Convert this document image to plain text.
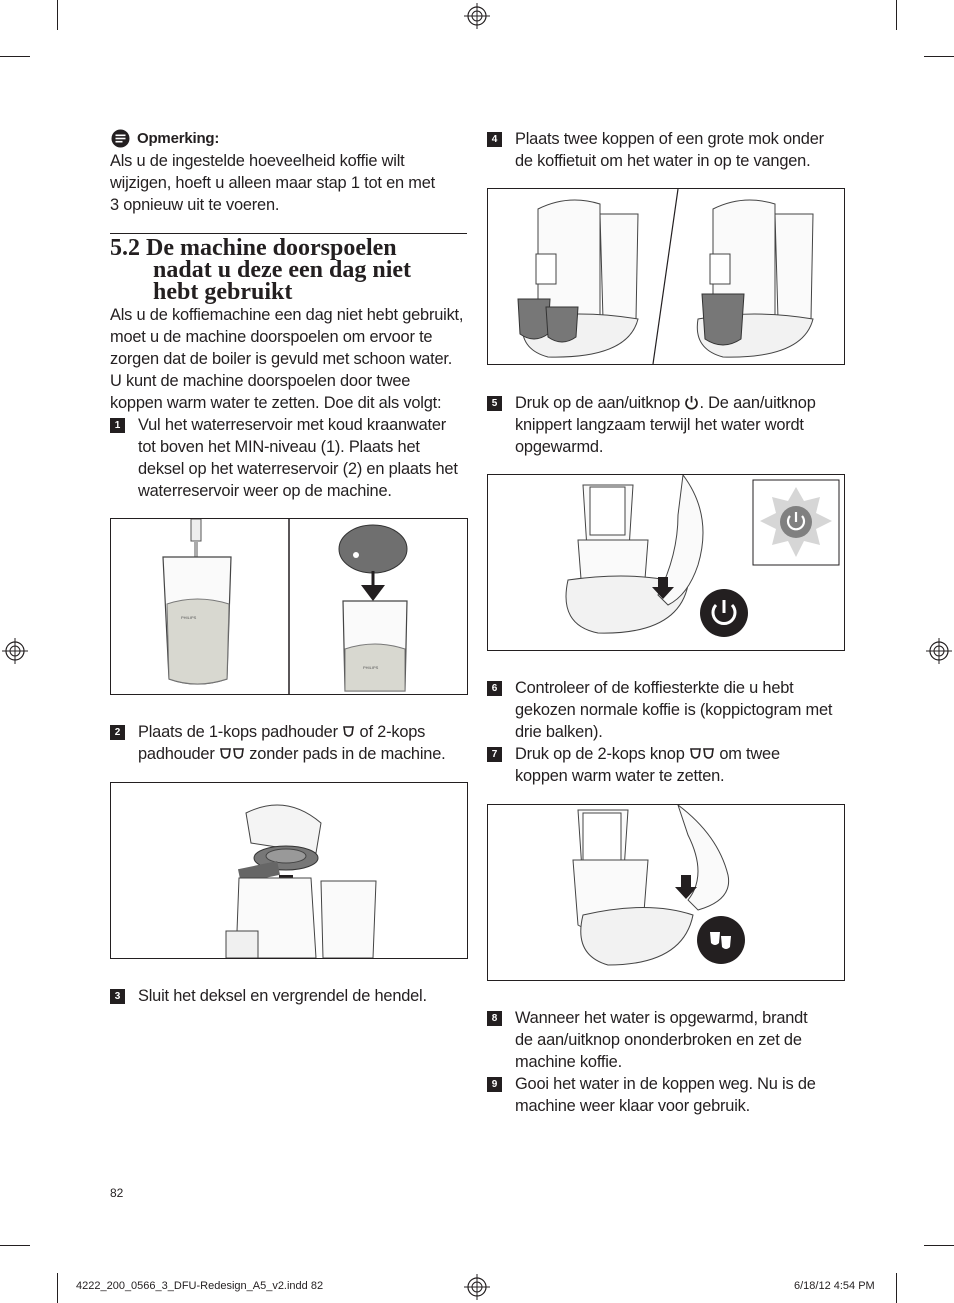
Opmerking:
Als u de ingestelde hoeveelheid koffie wilt
wijzigen, hoeft u alleen maar stap 1 tot en met
3 opnieuw uit te voeren.
5.2 De machine doorspoelen
nadat u deze een dag niet
hebt gebruikt
Als u de koffiemachine een dag niet hebt gebruikt,
moet u de machine doorspoelen om ervoor te
zorgen dat de boiler is gevuld met schoon water.
U kunt de machine doorspoelen door twee
koppen warm water te zetten. Doe dit als volgt:
1 Vul het waterreservoir met koud kraanwater
tot boven het MIN-niveau (1). Plaats het
deksel op het waterreservoir (2) en plaats het
waterreservoir weer op de machine.
PHILIPS
PHILIPS
2 Plaats de 1-kops padhouder  of 2-kops
padhouder  zonder pads in de machine.
3 Sluit het deksel en vergrendel de hendel.
4 Plaats twee koppen of een grote mok onder
de koffietuit om het water in op te vangen.
5 Druk op de aan/uitknop . De aan/uitknop
knippert langzaam terwijl het water wordt
opgewarmd.
6 Controleer of de koffiesterkte die u hebt
gekozen normale koffie is (koppictogram met
drie balken).
7 Druk op de 2-kops knop  om twee
koppen warm water te zetten.
8 Wanneer het water is opgewarmd, brandt
de aan/uitknop ononderbroken en zet de
machine koffie.
9 Gooi het water in de koppen weg. Nu is de
machine weer klaar voor gebruik.
82
4222_200_0566_3_DFU-Redesign_A5_v2.indd 82	6/18/12 4:54 PM
